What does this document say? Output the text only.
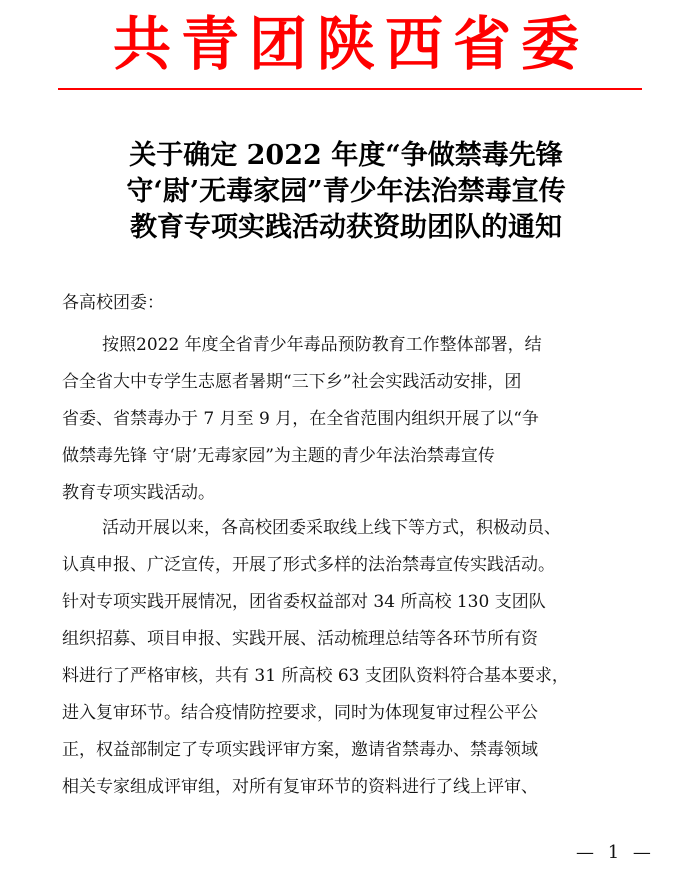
共青团陕西省委
关于确定 2022 年度“争做禁毒先锋
守‘尉’无毒家园”青少年法治禁毒宣传
教育专项实践活动获资助团队的通知
各高校团委：
按照2022 年度全省青少年毒品预防教育工作整体部署，结
合全省大中专学生志愿者暑期“三下乡”社会实践活动安排，团
省委、省禁毒办于 7 月至 9 月，在全省范围内组织开展了以“争
做禁毒先锋 守‘尉’无毒家园”为主题的青少年法治禁毒宣传
教育专项实践活动。
活动开展以来，各高校团委采取线上线下等方式，积极动员、
认真申报、广泛宣传，开展了形式多样的法治禁毒宣传实践活动。
针对专项实践开展情况，团省委权益部对 34 所高校 130 支团队
组织招募、项目申报、实践开展、活动梳理总结等各环节所有资
料进行了严格审核，共有 31 所高校 63 支团队资料符合基本要求，
进入复审环节。结合疫情防控要求，同时为体现复审过程公平公
正，权益部制定了专项实践评审方案，邀请省禁毒办、禁毒领域
相关专家组成评审组，对所有复审环节的资料进行了线上评审、
— 1 —
